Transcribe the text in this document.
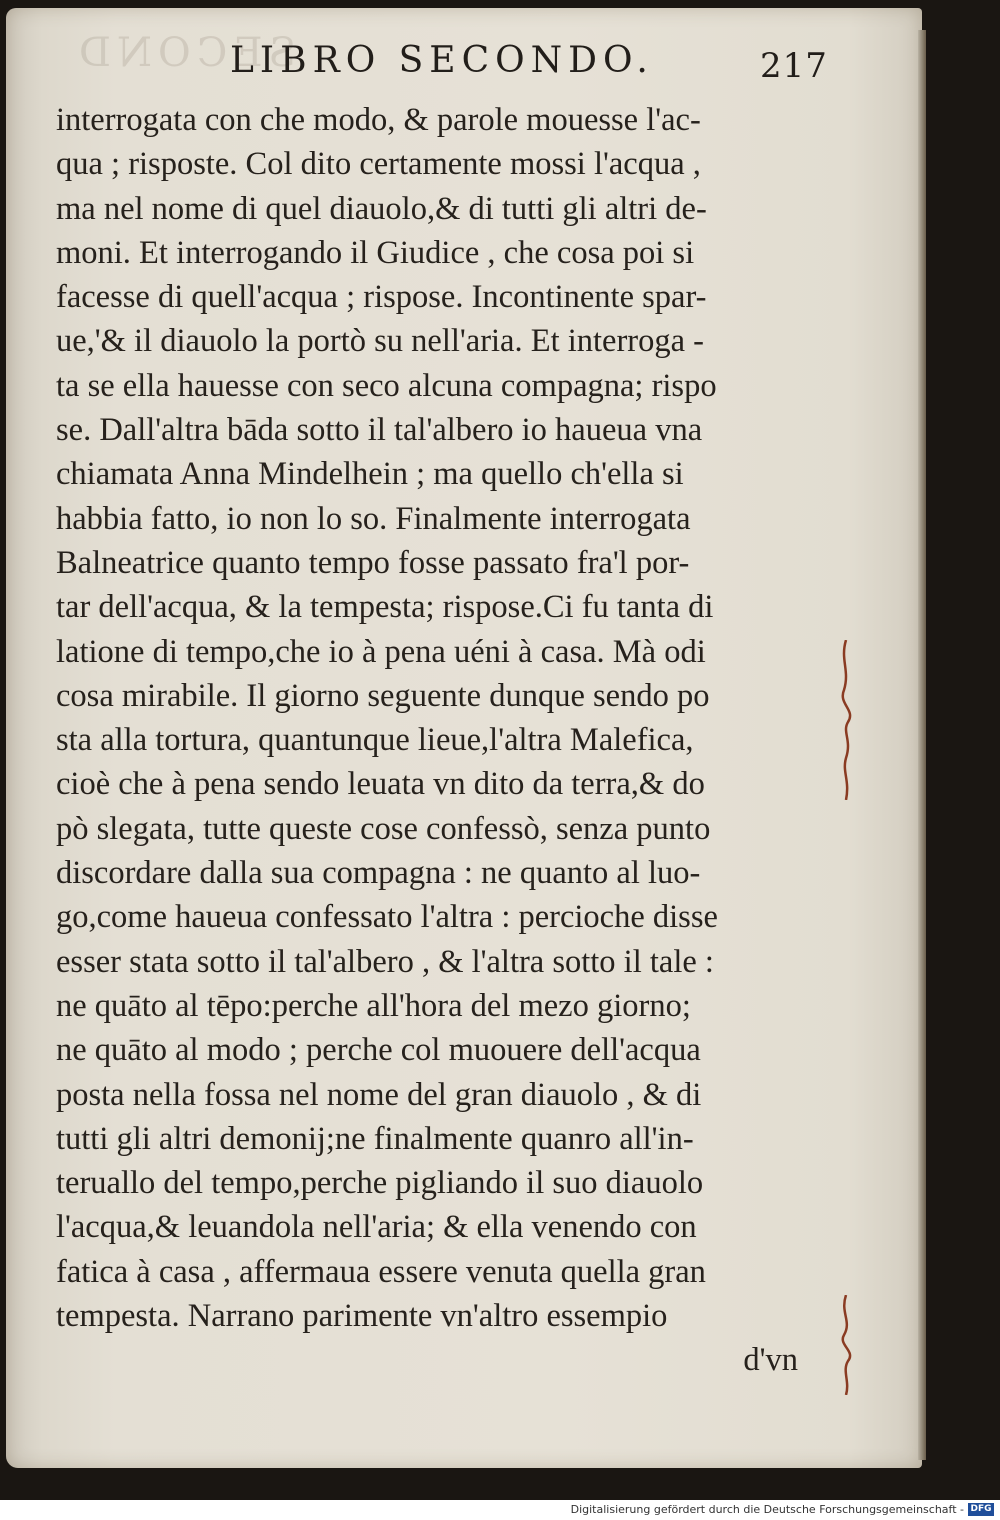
SECOND
LIBRO SECONDO.	217
interrogata con che modo, & parole mouesse l'ac-
qua ; risposte. Col dito certamente mossi l'acqua ,
ma nel nome di quel diauolo,& di tutti gli altri de-
moni. Et interrogando il Giudice , che cosa poi si
facesse di quell'acqua ; rispose. Incontinente spar-
ue,'& il diauolo la portò su nell'aria. Et interroga -
ta se ella hauesse con seco alcuna compagna; rispo
se. Dall'altra bāda sotto il tal'albero io haueua vna
chiamata Anna Mindelhein ; ma quello ch'ella si
habbia fatto, io non lo so. Finalmente interrogata
Balneatrice quanto tempo fosse passato fra'l por-
tar dell'acqua, & la tempesta; rispose.Ci fu tanta di
latione di tempo,che io à pena uéni à casa. Mà odi
cosa mirabile. Il giorno seguente dunque sendo po
sta alla tortura, quantunque lieue,l'altra Malefica,
cioè che à pena sendo leuata vn dito da terra,& do
pò slegata, tutte queste cose confessò, senza punto
discordare dalla sua compagna : ne quanto al luo-
go,come haueua confessato l'altra : percioche disse
esser stata sotto il tal'albero , & l'altra sotto il tale :
ne quāto al tēpo:perche all'hora del mezo giorno;
ne quāto al modo ; perche col muouere dell'acqua
posta nella fossa nel nome del gran diauolo , & di
tutti gli altri demonij;ne finalmente quanro all'in-
teruallo del tempo,perche pigliando il suo diauolo
l'acqua,& leuandola nell'aria; & ella venendo con
fatica à casa , affermaua essere venuta quella gran
tempesta. Narrano parimente vn'altro essempio
d'vn
Digitalisierung gefördert durch die Deutsche Forschungsgemeinschaft - DFG
